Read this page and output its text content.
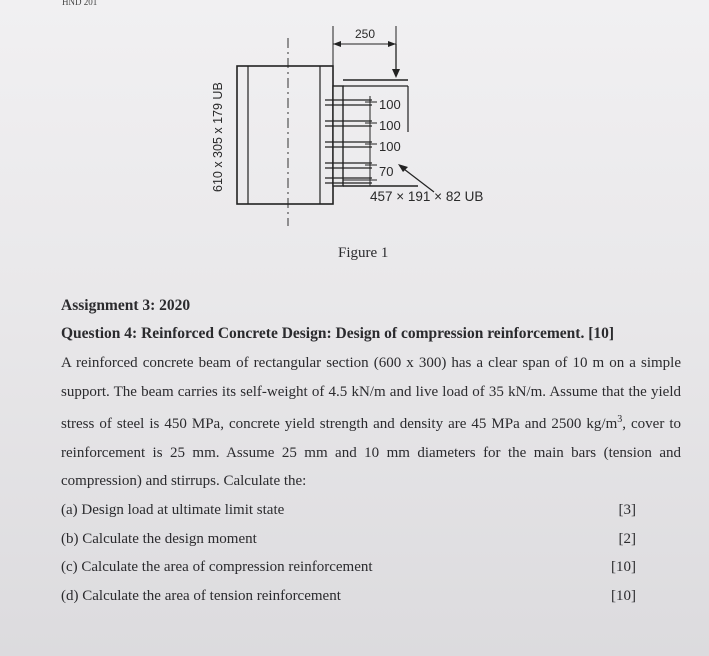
HND 201
250
100
100
100
70
457 × 191 × 82 UB
610 x 305 x 179 UB
Figure 1
Assignment 3: 2020
Question 4: Reinforced Concrete Design: Design of compression reinforcement. [10]

A reinforced concrete beam of rectangular section (600 x 300) has a clear span of 10 m on a simple support. The beam carries its self-weight of 4.5 kN/m and live load of 35 kN/m. Assume that the yield stress of steel is 450 MPa, concrete yield strength and density are 45 MPa and 2500 $kg/m^3$, cover to reinforcement is 25 mm. Assume 25 mm and 10 mm diameters for the main bars (tension and compression) and stirrups. Calculate the:

(a) Design load at ultimate limit state	[3]
(b) Calculate the design moment	[2]
(c) Calculate the area of compression reinforcement	[10]
(d) Calculate the area of tension reinforcement	[10]
